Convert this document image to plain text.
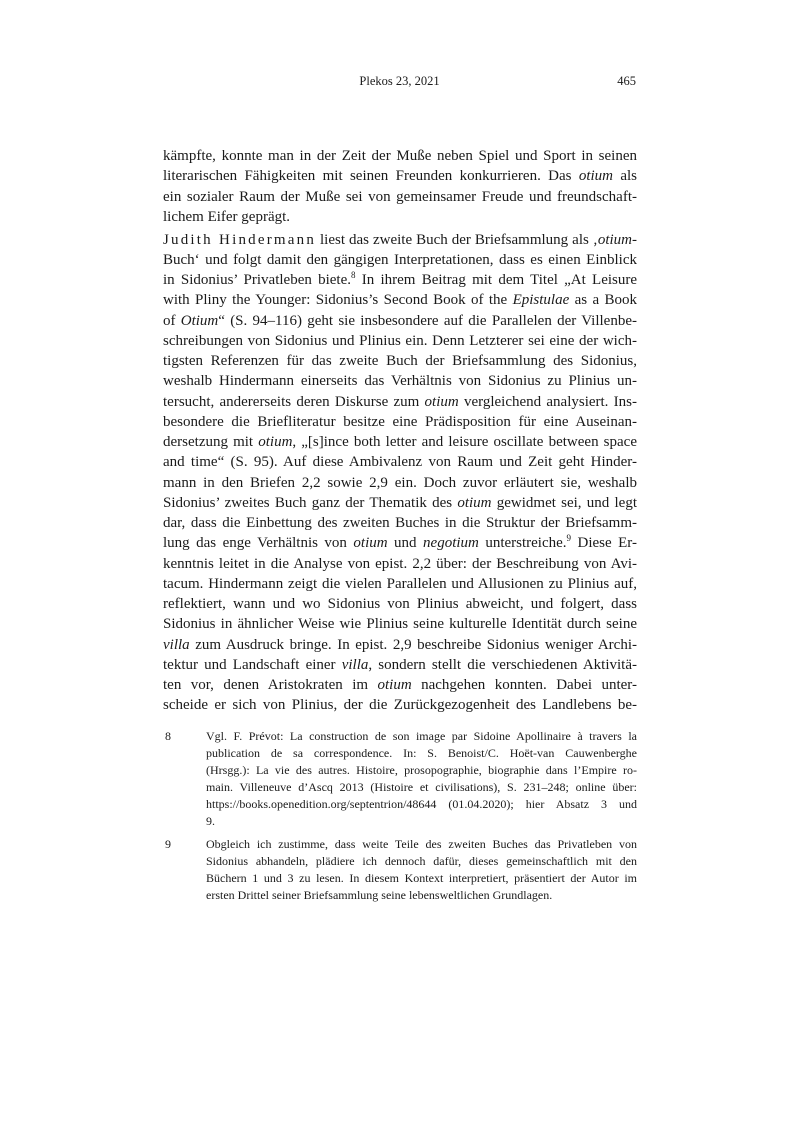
Plekos 23, 2021	465
kämpfte, konnte man in der Zeit der Muße neben Spiel und Sport in seinen
literarischen Fähigkeiten mit seinen Freunden konkurrieren. Das otium als
ein sozialer Raum der Muße sei von gemeinsamer Freude und freundschaft-
lichem Eifer geprägt.
Judith Hindermann liest das zweite Buch der Briefsammlung als ‚otium-
Buch‘ und folgt damit den gängigen Interpretationen, dass es einen Einblick
in Sidonius’ Privatleben biete.$^8$ In ihrem Beitrag mit dem Titel „At Leisure
with Pliny the Younger: Sidonius’s Second Book of the Epistulae as a Book
of Otium“ (S. 94–116) geht sie insbesondere auf die Parallelen der Villenbe-
schreibungen von Sidonius und Plinius ein. Denn Letzterer sei eine der wich-
tigsten Referenzen für das zweite Buch der Briefsammlung des Sidonius,
weshalb Hindermann einerseits das Verhältnis von Sidonius zu Plinius un-
tersucht, andererseits deren Diskurse zum otium vergleichend analysiert. Ins-
besondere die Briefliteratur besitze eine Prädisposition für eine Auseinan-
dersetzung mit otium, „[s]ince both letter and leisure oscillate between space
and time“ (S. 95). Auf diese Ambivalenz von Raum und Zeit geht Hinder-
mann in den Briefen 2,2 sowie 2,9 ein. Doch zuvor erläutert sie, weshalb
Sidonius’ zweites Buch ganz der Thematik des otium gewidmet sei, und legt
dar, dass die Einbettung des zweiten Buches in die Struktur der Briefsamm-
lung das enge Verhältnis von otium und negotium unterstreiche.$^9$ Diese Er-
kenntnis leitet in die Analyse von epist. 2,2 über: der Beschreibung von Avi-
tacum. Hindermann zeigt die vielen Parallelen und Allusionen zu Plinius auf,
reflektiert, wann und wo Sidonius von Plinius abweicht, und folgert, dass
Sidonius in ähnlicher Weise wie Plinius seine kulturelle Identität durch seine
villa zum Ausdruck bringe. In epist. 2,9 beschreibe Sidonius weniger Archi-
tektur und Landschaft einer villa, sondern stellt die verschiedenen Aktivitä-
ten vor, denen Aristokraten im otium nachgehen konnten. Dabei unter-
scheide er sich von Plinius, der die Zurückgezogenheit des Landlebens be-
8	Vgl. F. Prévot: La construction de son image par Sidoine Apollinaire à travers la
publication de sa correspondence. In: S. Benoist/C. Hoët-van Cauwenberghe
(Hrsgg.): La vie des autres. Histoire, prosopographie, biographie dans l’Empire ro-
main. Villeneuve d’Ascq 2013 (Histoire et civilisations), S. 231–248; online über:
https://books.openedition.org/septentrion/48644 (01.04.2020); hier Absatz 3 und
9.
9	Obgleich ich zustimme, dass weite Teile des zweiten Buches das Privatleben von
Sidonius abhandeln, plädiere ich dennoch dafür, dieses gemeinschaftlich mit den
Büchern 1 und 3 zu lesen. In diesem Kontext interpretiert, präsentiert der Autor im
ersten Drittel seiner Briefsammlung seine lebensweltlichen Grundlagen.
